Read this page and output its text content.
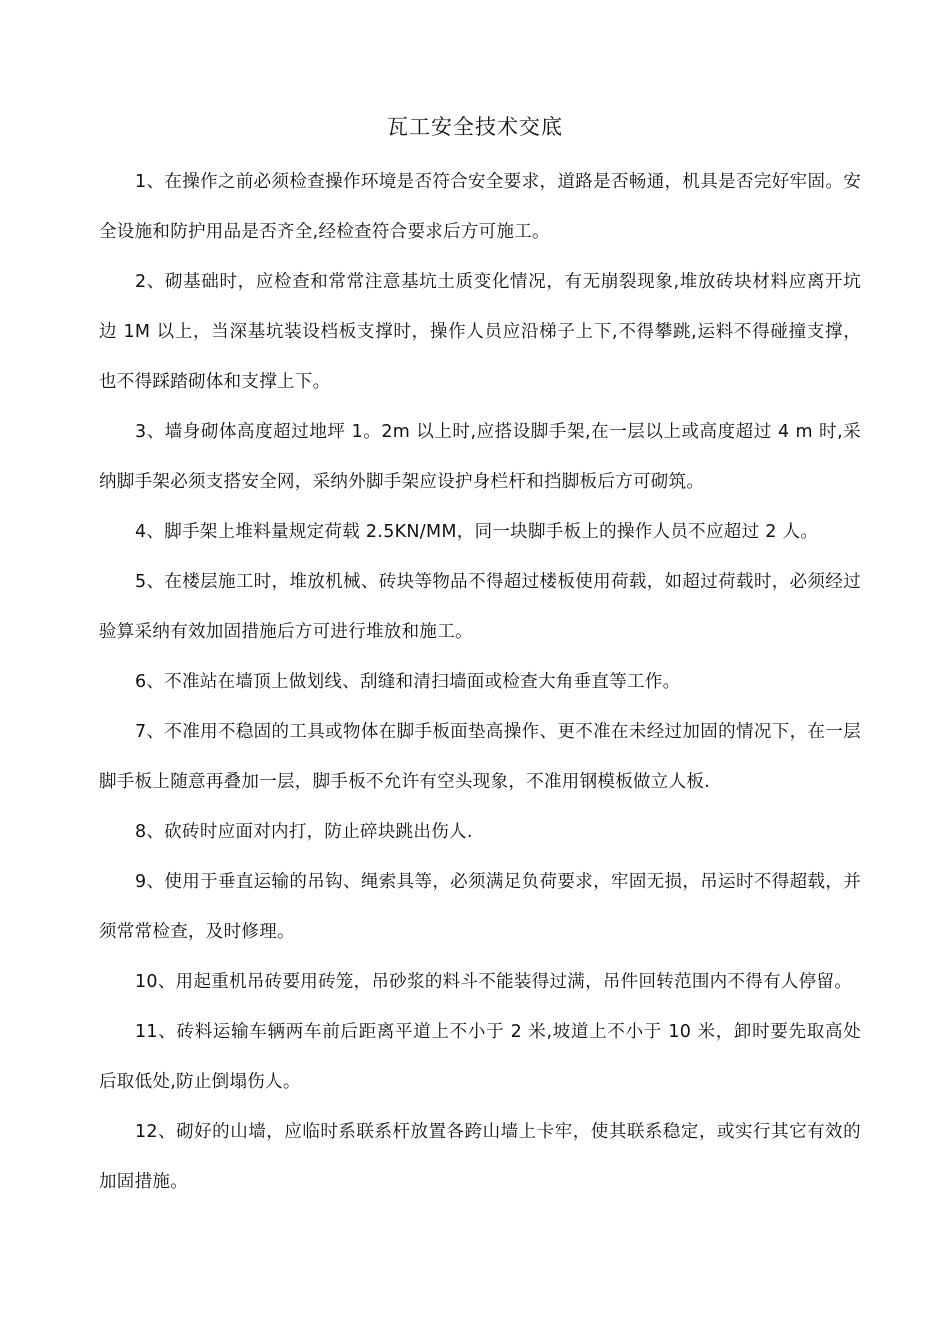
瓦工安全技术交底

1、在操作之前必须检查操作环境是否符合安全要求，道路是否畅通，机具是否完好牢固。安全设施和防护用品是否齐全,经检查符合要求后方可施工。

2、砌基础时，应检查和常常注意基坑土质变化情况，有无崩裂现象,堆放砖块材料应离开坑边 1M 以上，当深基坑装设档板支撑时，操作人员应沿梯子上下,不得攀跳,运料不得碰撞支撑，也不得踩踏砌体和支撑上下。

3、墙身砌体高度超过地坪 1。2m 以上时,应搭设脚手架,在一层以上或高度超过 4 m 时,采纳脚手架必须支搭安全网，采纳外脚手架应设护身栏杆和挡脚板后方可砌筑。

4、脚手架上堆料量规定荷载 2.5KN/MM，同一块脚手板上的操作人员不应超过 2 人。

5、在楼层施工时，堆放机械、砖块等物品不得超过楼板使用荷载，如超过荷载时，必须经过验算采纳有效加固措施后方可进行堆放和施工。

6、不准站在墙顶上做划线、刮缝和清扫墙面或检查大角垂直等工作。

7、不准用不稳固的工具或物体在脚手板面垫高操作、更不准在未经过加固的情况下，在一层脚手板上随意再叠加一层，脚手板不允许有空头现象，不准用钢模板做立人板.

8、砍砖时应面对内打，防止碎块跳出伤人.

9、使用于垂直运输的吊钩、绳索具等，必须满足负荷要求，牢固无损，吊运时不得超载，并须常常检查，及时修理。

10、用起重机吊砖要用砖笼，吊砂浆的料斗不能装得过满，吊件回转范围内不得有人停留。

11、砖料运输车辆两车前后距离平道上不小于 2 米,坡道上不小于 10 米，卸时要先取高处后取低处,防止倒塌伤人。

12、砌好的山墙，应临时系联系杆放置各跨山墙上卡牢，使其联系稳定，或实行其它有效的加固措施。
